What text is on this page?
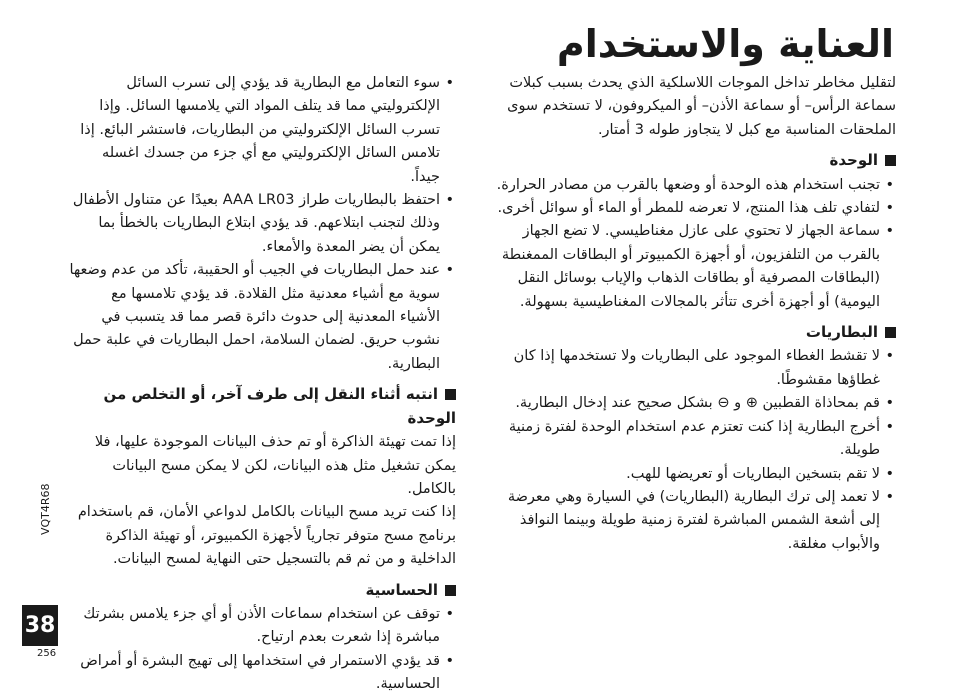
العناية والاستخدام

لتقليل مخاطر تداخل الموجات اللاسلكية الذي يحدث بسبب كبلات سماعة الرأس– أو سماعة الأذن– أو الميكروفون، لا تستخدم سوى الملحقات المناسبة مع كبل لا يتجاوز طوله 3 أمتار.

الوحدة
• تجنب استخدام هذه الوحدة أو وضعها بالقرب من مصادر الحرارة.
• لتفادي تلف هذا المنتج، لا تعرضه للمطر أو الماء أو سوائل أخرى.
• سماعة الجهاز لا تحتوي على عازل مغناطيسي. لا تضع الجهاز بالقرب من التلفزيون، أو أجهزة الكمبيوتر أو البطاقات الممغنطة (البطاقات المصرفية أو بطاقات الذهاب والإياب بوسائل النقل اليومية) أو أجهزة أخرى تتأثر بالمجالات المغناطيسية بسهولة.
البطاريات
• لا تقشط الغطاء الموجود على البطاريات ولا تستخدمها إذا كان غطاؤها مقشوطًا.
• قم بمحاذاة القطبين ⊕ و ⊖ بشكل صحيح عند إدخال البطارية.
• أخرج البطارية إذا كنت تعتزم عدم استخدام الوحدة لفترة زمنية طويلة.
• لا تقم بتسخين البطاريات أو تعريضها للهب.
• لا تعمد إلى ترك البطارية (البطاريات) في السيارة وهي معرضة إلى أشعة الشمس المباشرة لفترة زمنية طويلة وبينما النوافذ والأبواب مغلقة.
• سوء التعامل مع البطارية قد يؤدي إلى تسرب السائل الإلكتروليتي مما قد يتلف المواد التي يلامسها السائل. وإذا تسرب السائل الإلكتروليتي من البطاريات، فاستشر البائع. إذا تلامس السائل الإلكتروليتي مع أي جزء من جسدك اغسله جيداً.
• احتفظ بالبطاريات طراز AAA LR03 بعيدًا عن متناول الأطفال وذلك لتجنب ابتلاعهم. قد يؤدي ابتلاع البطاريات بالخطأ بما يمكن أن يضر المعدة والأمعاء.
• عند حمل البطاريات في الجيب أو الحقيبة، تأكد من عدم وضعها سوية مع أشياء معدنية مثل القلادة. قد يؤدي تلامسها مع الأشياء المعدنية إلى حدوث دائرة قصر مما قد يتسبب في نشوب حريق. لضمان السلامة، احمل البطاريات في علبة حمل البطارية.
انتبه أثناء النقل إلى طرف آخر، أو التخلص من الوحدة

إذا تمت تهيئة الذاكرة أو تم حذف البيانات الموجودة عليها، فلا يمكن تشغيل مثل هذه البيانات، لكن لا يمكن مسح البيانات بالكامل.

إذا كنت تريد مسح البيانات بالكامل لدواعي الأمان، قم باستخدام برنامج مسح متوفر تجارياً لأجهزة الكمبيوتر، أو تهيئة الذاكرة الداخلية و من ثم قم بالتسجيل حتى النهاية لمسح البيانات.

الحساسية
• توقف عن استخدام سماعات الأذن أو أي جزء يلامس بشرتك مباشرة إذا شعرت بعدم ارتياح.
• قد يؤدي الاستمرار في استخدامها إلى تهيج البشرة أو أمراض الحساسية.
VQT4R68
38
256
